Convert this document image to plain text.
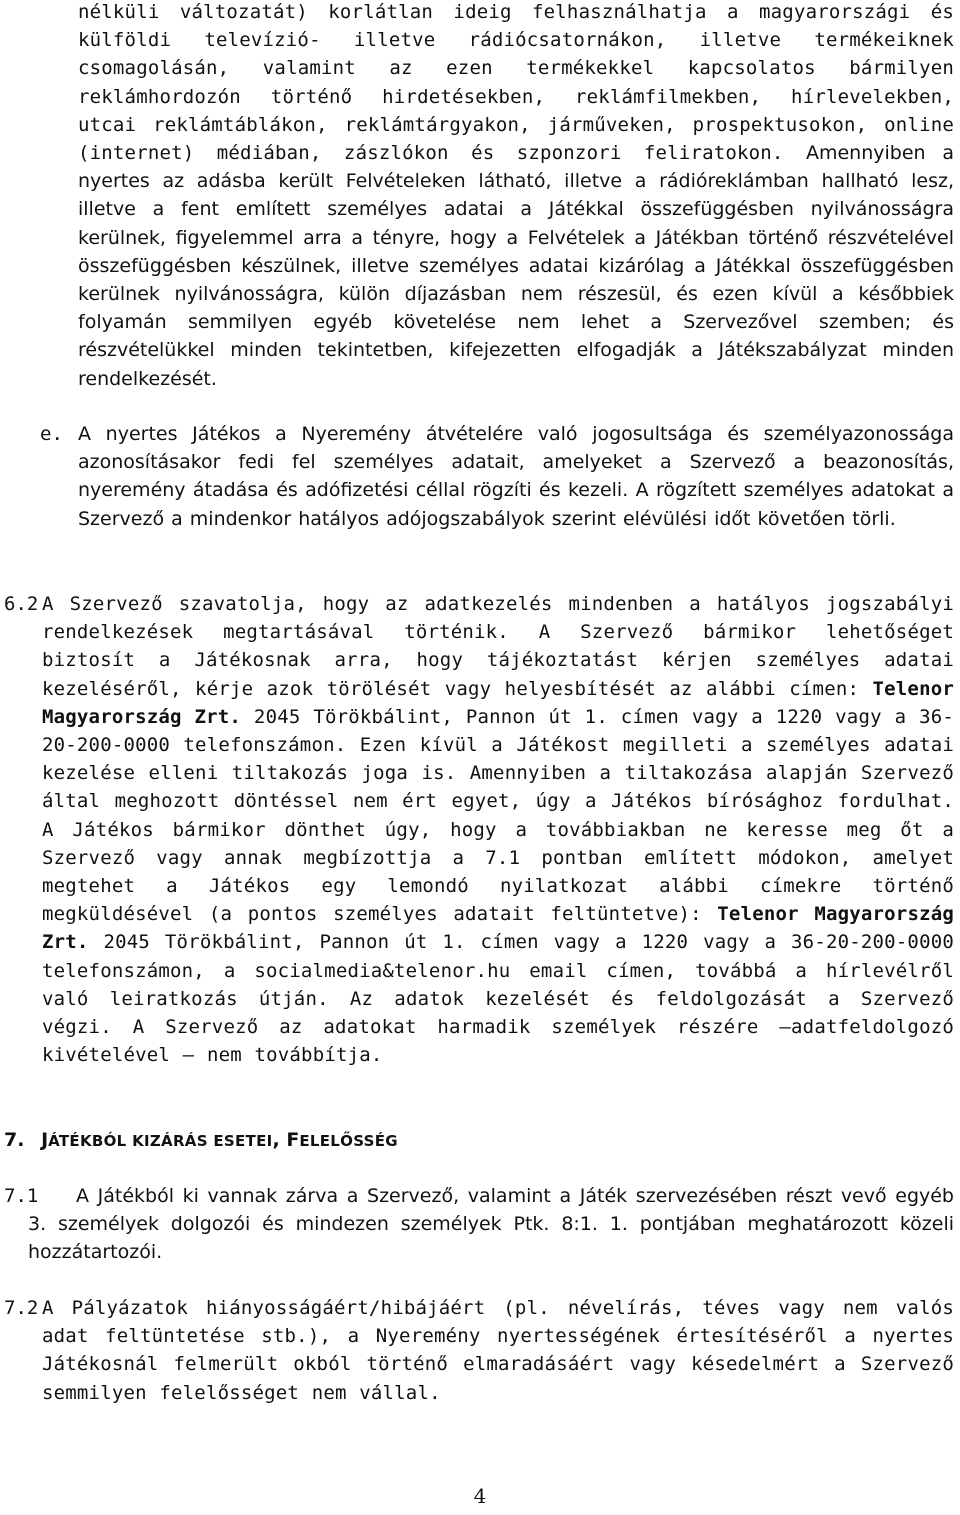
nélküli változatát) korlátlan ideig felhasználhatja a magyarországi és külföldi televízió- illetve rádiócsatornákon, illetve termékeiknek csomagolásán, valamint az ezen termékekkel kapcsolatos bármilyen reklámhordozón történő hirdetésekben, reklámfilmekben, hírlevelekben, utcai reklámtáblákon, reklámtárgyakon, járműveken, prospektusokon, online (internet) médiában, zászlókon és szponzori feliratokon. Amennyiben a nyertes az adásba került Felvételeken látható, illetve a rádióreklámban hallható lesz, illetve a fent említett személyes adatai a Játékkal összefüggésben nyilvánosságra kerülnek, figyelemmel arra a tényre, hogy a Felvételek a Játékban történő részvételével összefüggésben készülnek, illetve személyes adatai kizárólag a Játékkal összefüggésben kerülnek nyilvánosságra, külön díjazásban nem részesül, és ezen kívül a későbbiek folyamán semmilyen egyéb követelése nem lehet a Szervezővel szemben; és részvételükkel minden tekintetben, kifejezetten elfogadják a Játékszabályzat minden rendelkezését.

e. A nyertes Játékos a Nyeremény átvételére való jogosultsága és személyazonossága azonosításakor fedi fel személyes adatait, amelyeket a Szervező a beazonosítás, nyeremény átadása és adófizetési céllal rögzíti és kezeli. A rögzített személyes adatokat a Szervező a mindenkor hatályos adójogszabályok szerint elévülési időt követően törli.

6.2 A Szervező szavatolja, hogy az adatkezelés mindenben a hatályos jogszabályi rendelkezések megtartásával történik. A Szervező bármikor lehetőséget biztosít a Játékosnak arra, hogy tájékoztatást kérjen személyes adatai kezeléséről, kérje azok törölését vagy helyesbítését az alábbi címen: Telenor Magyarország Zrt. 2045 Törökbálint, Pannon út 1. címen vagy a 1220 vagy a 36-20-200-0000 telefonszámon. Ezen kívül a Játékost megilleti a személyes adatai kezelése elleni tiltakozás joga is. Amennyiben a tiltakozása alapján Szervező által meghozott döntéssel nem ért egyet, úgy a Játékos bírósághoz fordulhat. A Játékos bármikor dönthet úgy, hogy a továbbiakban ne keresse meg őt a Szervező vagy annak megbízottja a 7.1 pontban említett módokon, amelyet megtehet a Játékos egy lemondó nyilatkozat alábbi címekre történő megküldésével (a pontos személyes adatait feltüntetve): Telenor Magyarország Zrt. 2045 Törökbálint, Pannon út 1. címen vagy a 1220 vagy a 36-20-200-0000 telefonszámon, a socialmedia&telenor.hu email címen, továbbá a hírlevélről való leiratkozás útján. Az adatok kezelését és feldolgozását a Szervező végzi. A Szervező az adatokat harmadik személyek részére –adatfeldolgozó kivételével – nem továbbítja.

7. JÁTÉKBÓL KIZÁRÁS ESETEI, FELELŐSSÉG
7.1	A Játékból ki vannak zárva a Szervező, valamint a Játék szervezésében részt vevő egyéb 3. személyek dolgozói és mindezen személyek Ptk. 8:1. 1. pontjában meghatározott közeli hozzátartozói.

7.2 A Pályázatok hiányosságáért/hibájáért (pl. névelírás, téves vagy nem valós adat feltüntetése stb.), a Nyeremény nyertességének értesítéséről a nyertes Játékosnál felmerült okból történő elmaradásáért vagy késedelmért a Szervező semmilyen felelősséget nem vállal.

4
